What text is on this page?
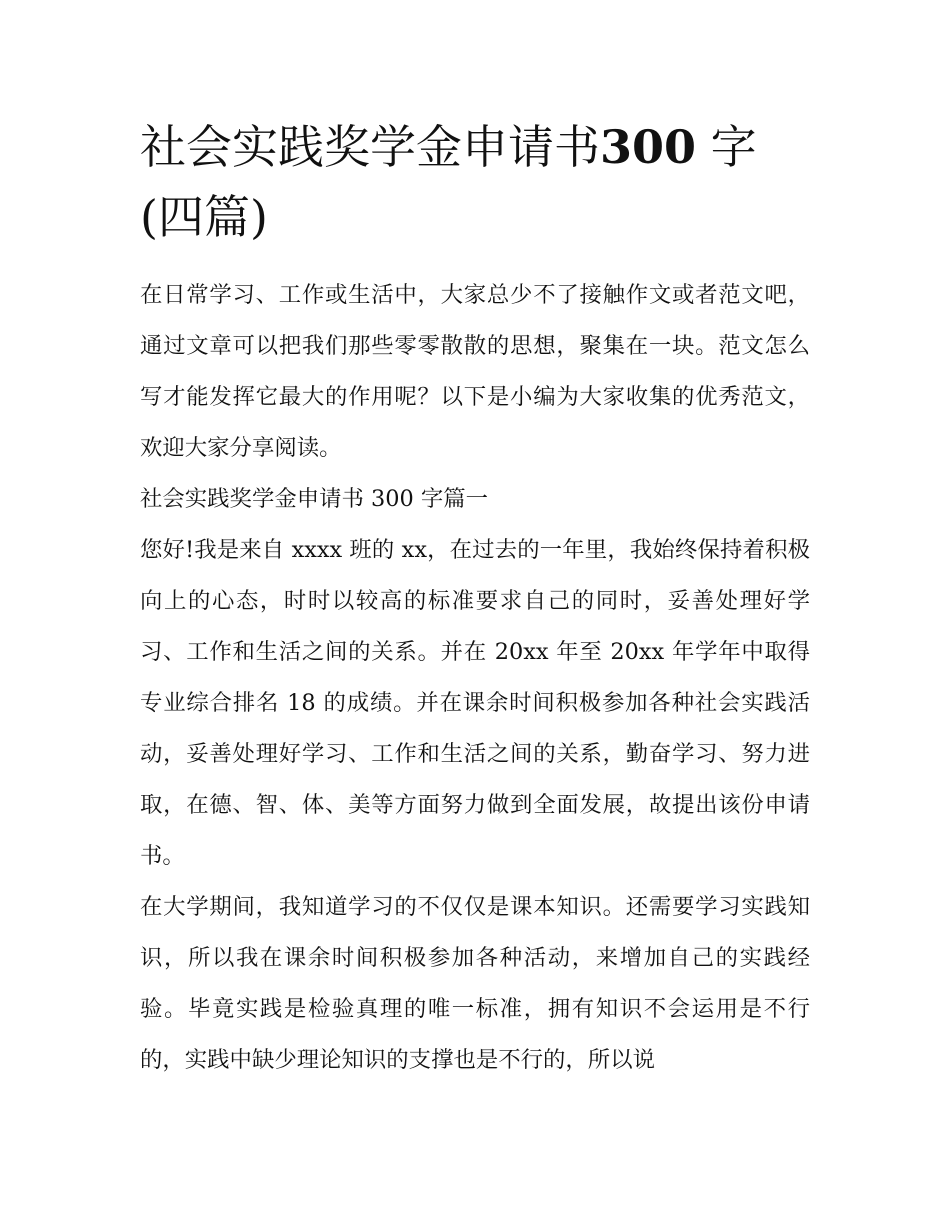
社会实践奖学金申请书300 字(四篇)

在日常学习、工作或生活中，大家总少不了接触作文或者范文吧，通过文章可以把我们那些零零散散的思想，聚集在一块。范文怎么写才能发挥它最大的作用呢？以下是小编为大家收集的优秀范文，欢迎大家分享阅读。

社会实践奖学金申请书 300 字篇一

您好!我是来自 xxxx 班的 xx，在过去的一年里，我始终保持着积极向上的心态，时时以较高的标准要求自己的同时，妥善处理好学习、工作和生活之间的关系。并在 20xx 年至 20xx 年学年中取得专业综合排名 18 的成绩。并在课余时间积极参加各种社会实践活动，妥善处理好学习、工作和生活之间的关系，勤奋学习、努力进取，在德、智、体、美等方面努力做到全面发展，故提出该份申请书。

在大学期间，我知道学习的不仅仅是课本知识。还需要学习实践知识，所以我在课余时间积极参加各种活动，来增加自己的实践经验。毕竟实践是检验真理的唯一标准，拥有知识不会运用是不行的，实践中缺少理论知识的支撑也是不行的，所以说
